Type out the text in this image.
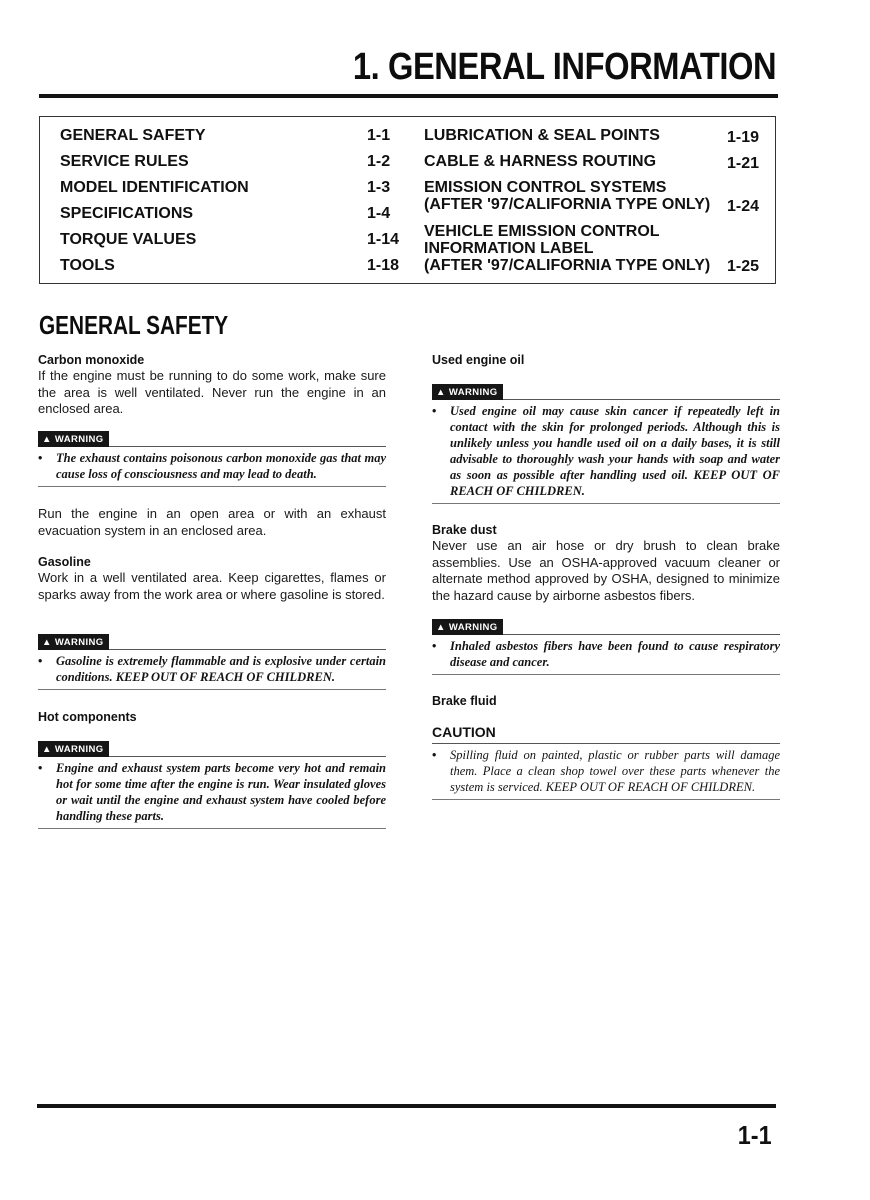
1. GENERAL INFORMATION
GENERAL SAFETY	1-1
SERVICE RULES	1-2
MODEL IDENTIFICATION	1-3
SPECIFICATIONS	1-4
TORQUE VALUES	1-14
TOOLS	1-18
LUBRICATION & SEAL POINTS	1-19
CABLE & HARNESS ROUTING	1-21
EMISSION CONTROL SYSTEMS
(AFTER '97/CALIFORNIA TYPE ONLY) 1-24
VEHICLE EMISSION CONTROL
INFORMATION LABEL
(AFTER '97/CALIFORNIA TYPE ONLY) 1-25
GENERAL SAFETY

Carbon monoxide

If the engine must be running to do some work, make sure the area is well ventilated. Never run the engine in an enclosed area.

▲ WARNING

• The exhaust contains poisonous carbon monoxide gas that may cause loss of consciousness and may lead to death.

Run the engine in an open area or with an exhaust evacuation system in an enclosed area.

Gasoline

Work in a well ventilated area. Keep cigarettes, flames or sparks away from the work area or where gasoline is stored.

▲ WARNING

• Gasoline is extremely flammable and is explosive under certain conditions. KEEP OUT OF REACH OF CHILDREN.

Hot components

▲ WARNING

• Engine and exhaust system parts become very hot and remain hot for some time after the engine is run. Wear insulated gloves or wait until the engine and exhaust system have cooled before handling these parts.

Used engine oil

▲ WARNING

• Used engine oil may cause skin cancer if repeatedly left in contact with the skin for prolonged periods. Although this is unlikely unless you handle used oil on a daily bases, it is still advisable to thoroughly wash your hands with soap and water as soon as possible after handling used oil. KEEP OUT OF REACH OF CHILDREN.

Brake dust

Never use an air hose or dry brush to clean brake assemblies. Use an OSHA-approved vacuum cleaner or alternate method approved by OSHA, designed to minimize the hazard cause by airborne asbestos fibers.

▲ WARNING

• Inhaled asbestos fibers have been found to cause respiratory disease and cancer.

Brake fluid

CAUTION

• Spilling fluid on painted, plastic or rubber parts will damage them. Place a clean shop towel over these parts whenever the system is serviced. KEEP OUT OF REACH OF CHILDREN.

1-1
